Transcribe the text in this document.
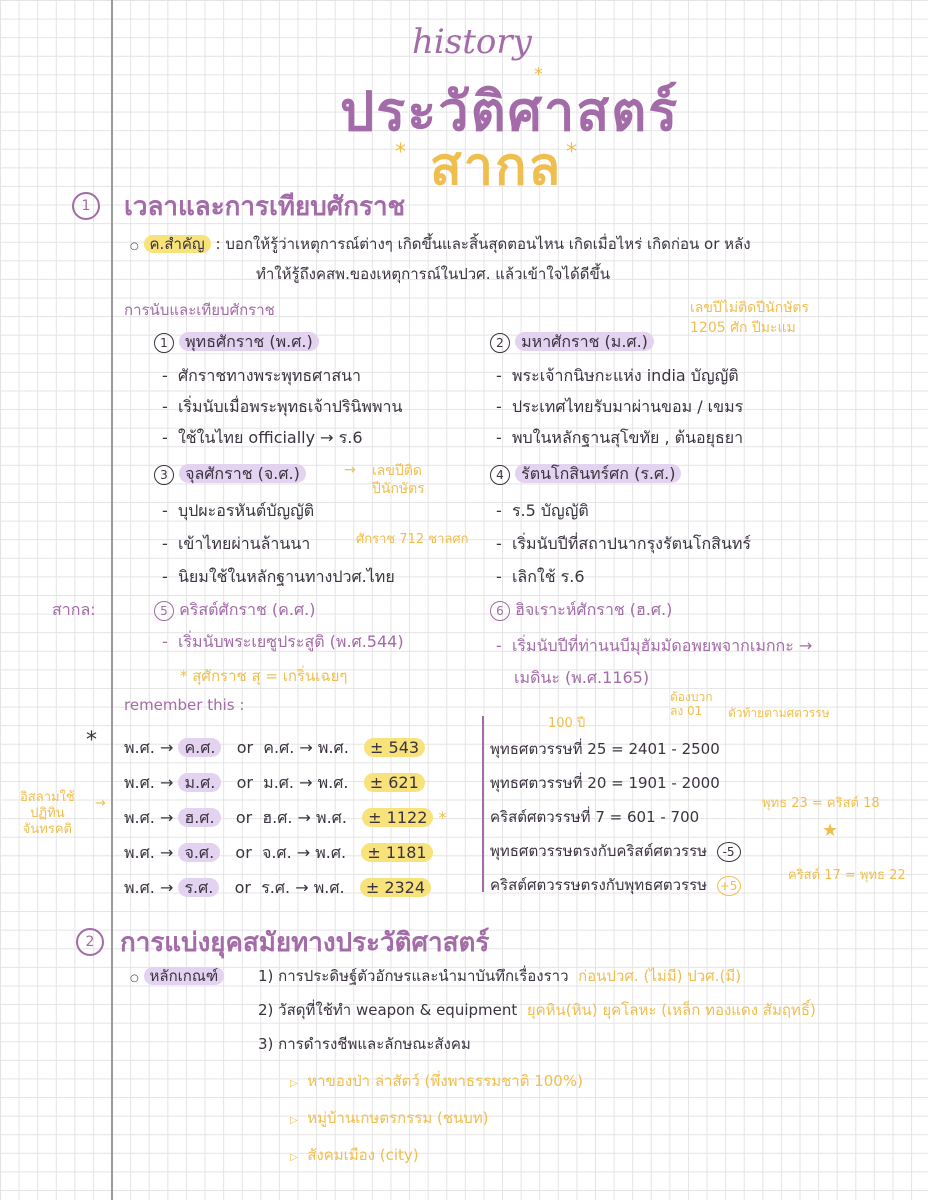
history
ประวัติศาสตร์
* สากล *
*
1	เวลาและการเทียบศักราช
○ ค.สำคัญ : บอกให้รู้ว่าเหตุการณ์ต่างๆ เกิดขึ้นและสิ้นสุดตอนไหน เกิดเมื่อไหร่ เกิดก่อน or หลัง
ทำให้รู้ถึงคสพ.ของเหตุการณ์ในปวศ. แล้วเข้าใจได้ดีขึ้น
การนับและเทียบศักราช	เลขปีไม่ติดปีนักษัตร
1205 ศัก ปีมะแม
1 พุทธศักราช (พ.ศ.)
-  ศักราชทางพระพุทธศาสนา
-  เริ่มนับเมื่อพระพุทธเจ้าปรินิพพาน
-  ใช้ในไทย officially → ร.6
2 มหาศักราช (ม.ศ.)
-  พระเจ้ากนิษกะแห่ง india บัญญัติ
-  ประเทศไทยรับมาผ่านขอม / เขมร
-  พบในหลักฐานสุโขทัย , ต้นอยุธยา
3 จุลศักราช (จ.ศ.)	→ เลขปีติด
ปีนักษัตร
-  บุปผะอรหันต์บัญญัติ
-  เข้าไทยผ่านล้านนา
-  นิยมใช้ในหลักฐานทางปวศ.ไทย
ศักราช 712 ชาลศก
4 รัตนโกสินทร์ศก (ร.ศ.)
-  ร.5 บัญญัติ
-  เริ่มนับปีที่สถาปนากรุงรัตนโกสินทร์
-  เลิกใช้ ร.6
สากล:	5 คริสต์ศักราช (ค.ศ.)
-  เริ่มนับพระเยซูประสูติ (พ.ศ.544)
* สุศักราช สุ = เกริ่นเฉยๆ
6 ฮิจเราะห์ศักราช (ฮ.ศ.)
-  เริ่มนับปีที่ท่านนบีมุฮัมมัดอพยพจากเมกกะ →
เมดินะ (พ.ศ.1165)
remember this :
*
อิสลามใช้
ปฏิทิน
จันทรคติ
→
พ.ศ. → ค.ศ. or ค.ศ. → พ.ศ. ± 543
พ.ศ. → ม.ศ. or ม.ศ. → พ.ศ. ± 621
พ.ศ. → ฮ.ศ. or ฮ.ศ. → พ.ศ. ± 1122 *
พ.ศ. → จ.ศ. or จ.ศ. → พ.ศ. ± 1181
พ.ศ. → ร.ศ. or ร.ศ. → พ.ศ. ± 2324
100 ปี
ต้องบวก
ลง 01	ตัวท้ายตามศตวรรษ
พุทธศตวรรษที่ 25 = 2401 - 2500
พุทธศตวรรษที่ 20 = 1901 - 2000
คริสต์ศตวรรษที่ 7 = 601 - 700
พุทธศตวรรษตรงกับคริสต์ศตวรรษ -5
คริสต์ศตวรรษตรงกับพุทธศตวรรษ +5
พุทธ 23 = คริสต์ 18
★
คริสต์ 17 = พุทธ 22
2 การแบ่งยุคสมัยทางประวัติศาสตร์
○ หลักเกณฑ์	1) การประดิษฐ์ตัวอักษรและนำมาบันทึกเรื่องราว ก่อนปวศ. (ไม่มี) ปวศ.(มี)
2) วัสดุที่ใช้ทำ weapon & equipment ยุคหิน(หิน) ยุคโลหะ (เหล็ก ทองแดง สัมฤทธิ์)
3) การดำรงชีพและลักษณะสังคม
▷ หาของป่า ล่าสัตว์ (พึ่งพาธรรมชาติ 100%)
▷ หมู่บ้านเกษตรกรรม (ชนบท)
▷ สังคมเมือง (city)
